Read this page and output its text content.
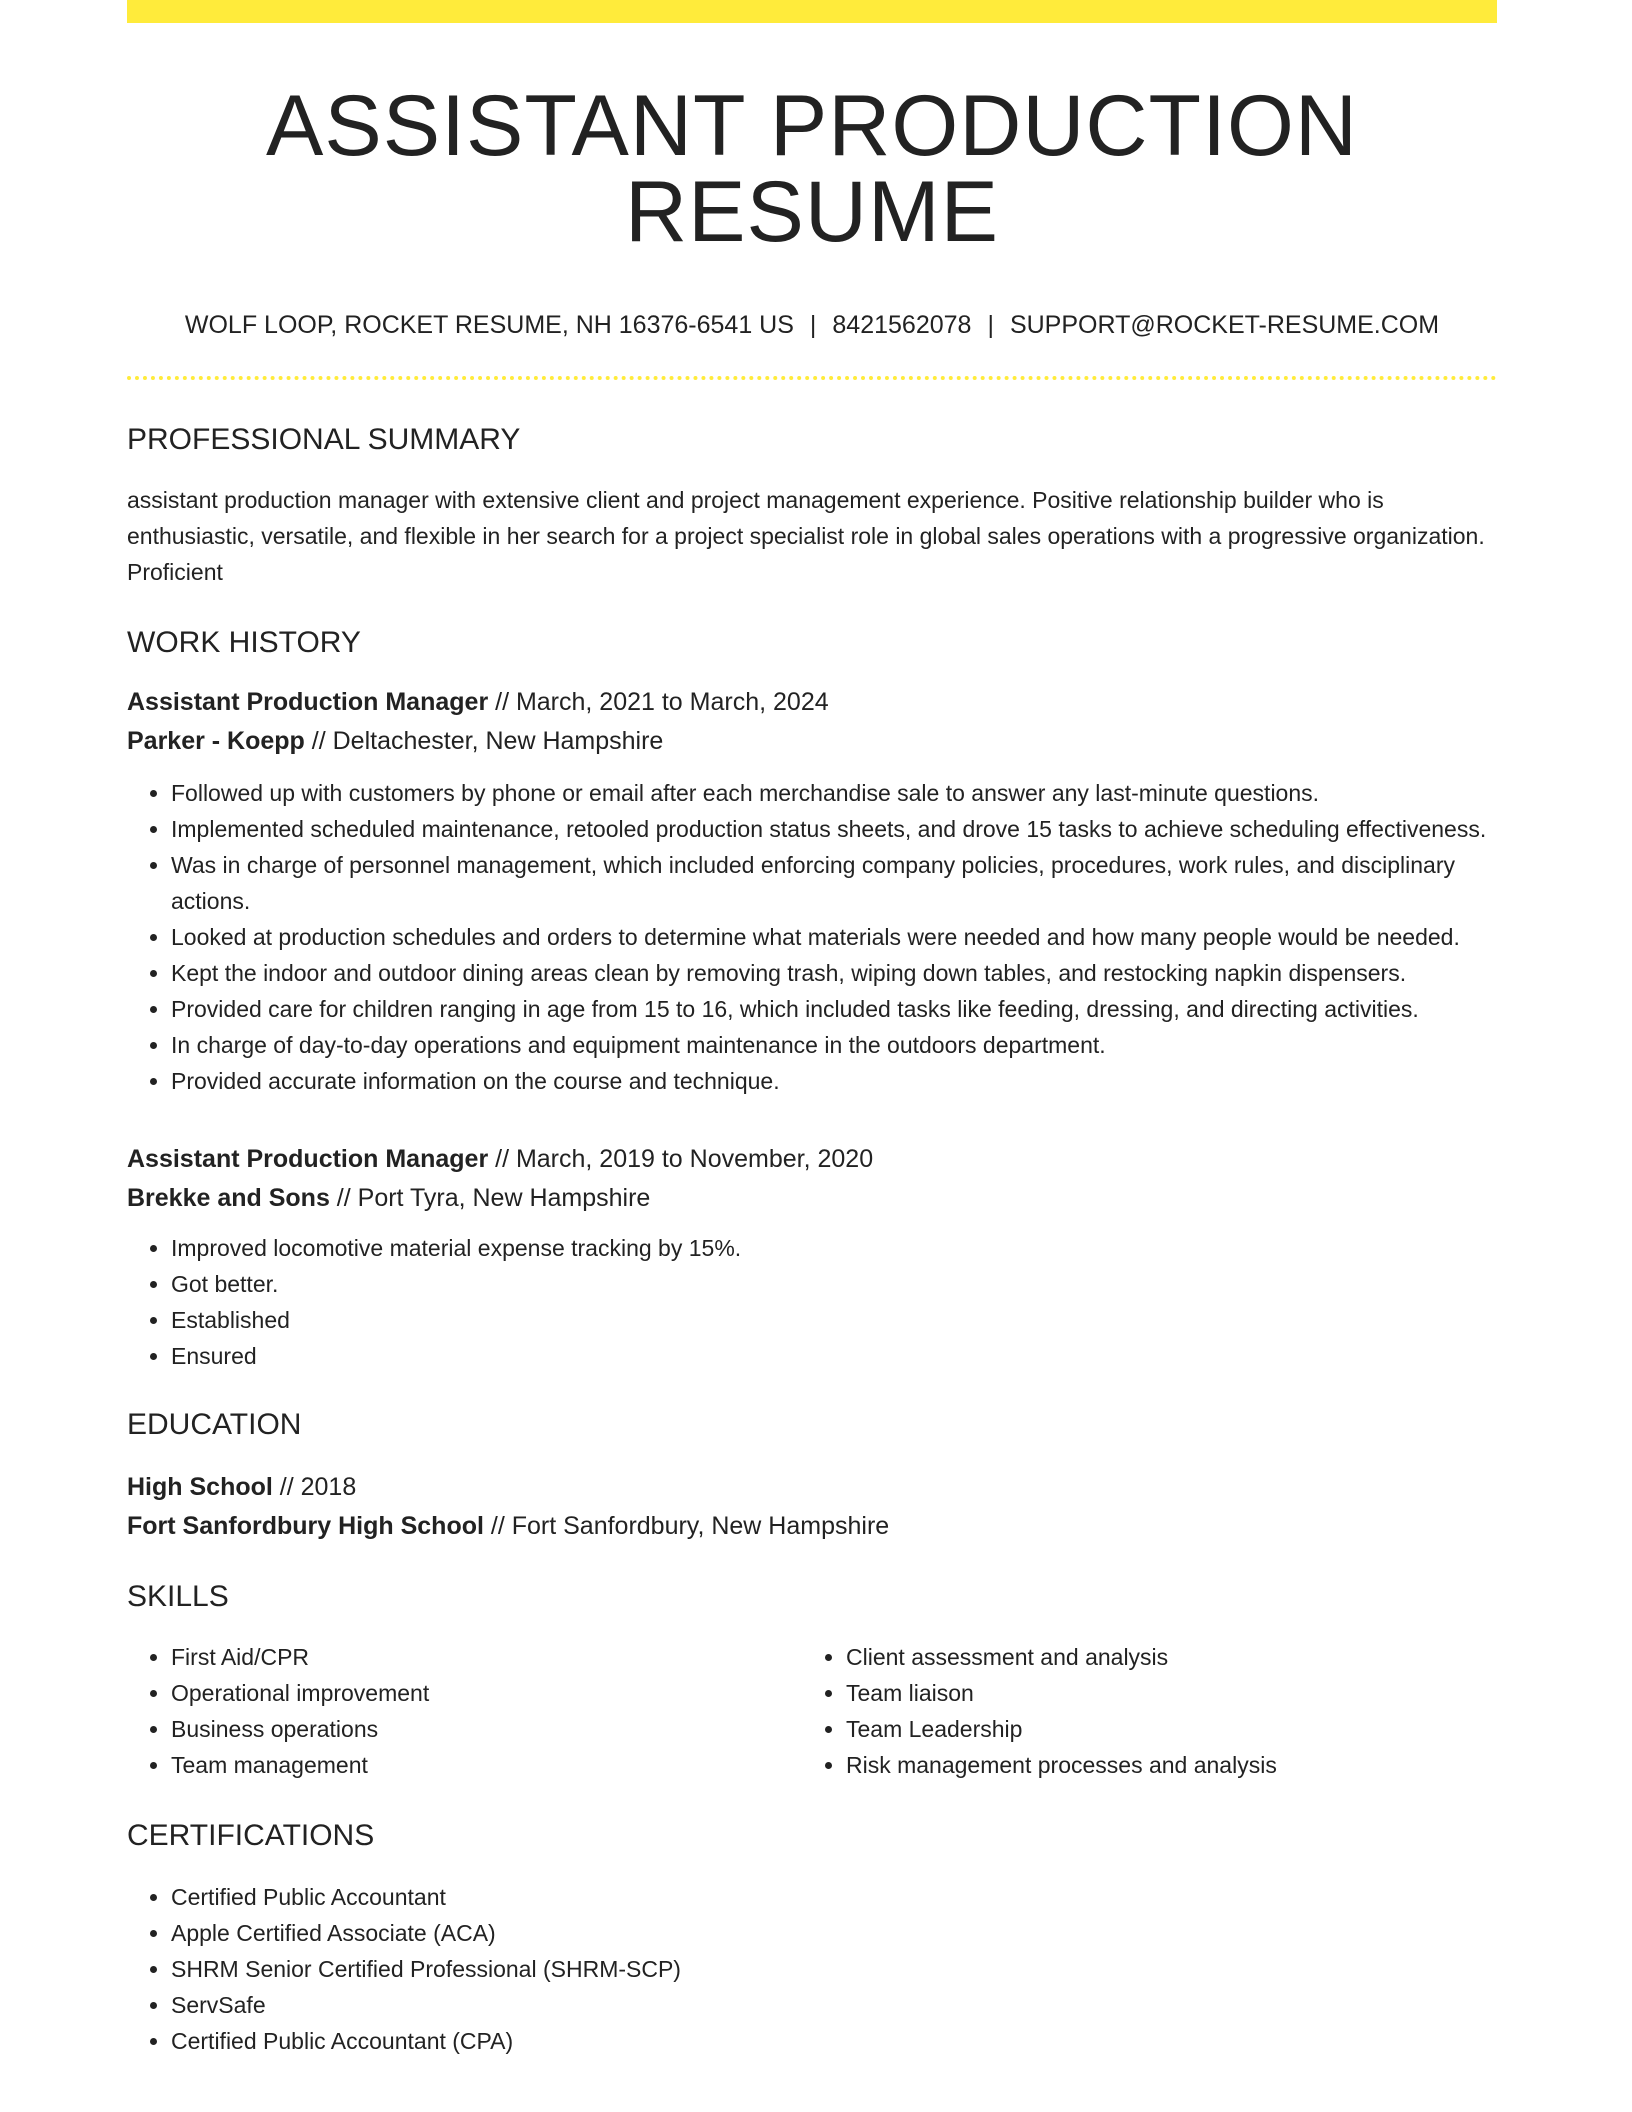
ASSISTANT PRODUCTION RESUME
WOLF LOOP, ROCKET RESUME, NH 16376-6541 US | 8421562078 | SUPPORT@ROCKET-RESUME.COM
PROFESSIONAL SUMMARY
assistant production manager with extensive client and project management experience. Positive relationship builder who is enthusiastic, versatile, and flexible in her search for a project specialist role in global sales operations with a progressive organization. Proficient
WORK HISTORY
Assistant Production Manager // March, 2021 to March, 2024
Parker - Koepp // Deltachester, New Hampshire
• Followed up with customers by phone or email after each merchandise sale to answer any last-minute questions.
• Implemented scheduled maintenance, retooled production status sheets, and drove 15 tasks to achieve scheduling effectiveness.
• Was in charge of personnel management, which included enforcing company policies, procedures, work rules, and disciplinary actions.
• Looked at production schedules and orders to determine what materials were needed and how many people would be needed.
• Kept the indoor and outdoor dining areas clean by removing trash, wiping down tables, and restocking napkin dispensers.
• Provided care for children ranging in age from 15 to 16, which included tasks like feeding, dressing, and directing activities.
• In charge of day-to-day operations and equipment maintenance in the outdoors department.
• Provided accurate information on the course and technique.
Assistant Production Manager // March, 2019 to November, 2020
Brekke and Sons // Port Tyra, New Hampshire
• Improved locomotive material expense tracking by 15%.
• Got better.
• Established
• Ensured
EDUCATION
High School // 2018
Fort Sanfordbury High School // Fort Sanfordbury, New Hampshire
SKILLS
• First Aid/CPR
• Operational improvement
• Business operations
• Team management
• Client assessment and analysis
• Team liaison
• Team Leadership
• Risk management processes and analysis
CERTIFICATIONS
• Certified Public Accountant
• Apple Certified Associate (ACA)
• SHRM Senior Certified Professional (SHRM-SCP)
• ServSafe
• Certified Public Accountant (CPA)
